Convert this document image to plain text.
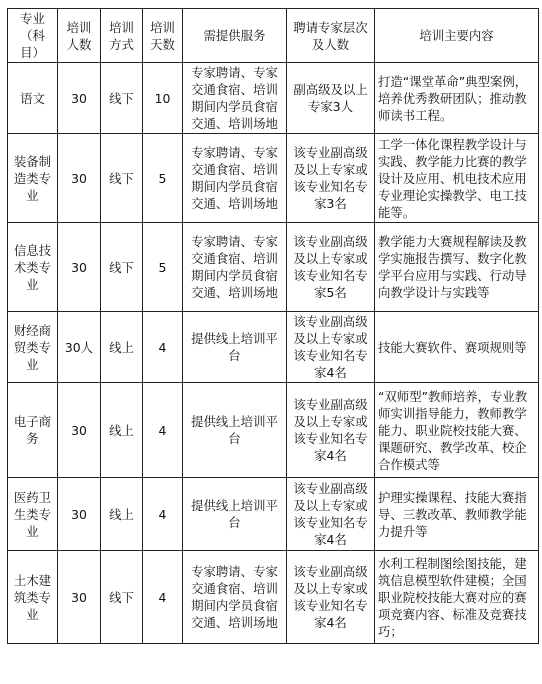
专业（科目）	培训人数	培训方式	培训天数	需提供服务	聘请专家层次及人数	培训主要内容
语文	30	线下	10	专家聘请、专家交通食宿、培训期间内学员食宿交通、培训场地	副高级及以上专家3人	打造“课堂革命”典型案例，培养优秀教研团队；推动教师读书工程。
装备制造类专业	30	线下	5	专家聘请、专家交通食宿、培训期间内学员食宿交通、培训场地	该专业副高级及以上专家或该专业知名专家3名	工学一体化课程教学设计与实践、教学能力比赛的教学设计及应用、机电技术应用专业理论实操教学、电工技能等。
信息技术类专业	30	线下	5	专家聘请、专家交通食宿、培训期间内学员食宿交通、培训场地	该专业副高级及以上专家或该专业知名专家5名	教学能力大赛规程解读及教学实施报告撰写、数字化教学平台应用与实践、行动导向教学设计与实践等
财经商贸类专业	30人	线上	4	提供线上培训平台	该专业副高级及以上专家或该专业知名专家4名	技能大赛软件、赛项规则等
电子商务	30	线上	4	提供线上培训平台	该专业副高级及以上专家或该专业知名专家4名	“双师型”教师培养，专业教师实训指导能力，教师教学能力、职业院校技能大赛、课题研究、教学改革、校企合作模式等
医药卫生类专业	30	线上	4	提供线上培训平台	该专业副高级及以上专家或该专业知名专家4名	护理实操课程、技能大赛指导、三教改革、教师教学能力提升等
土木建筑类专业	30	线下	4	专家聘请、专家交通食宿、培训期间内学员食宿交通、培训场地	该专业副高级及以上专家或该专业知名专家4名	水利工程制图绘图技能，建筑信息模型软件建模；全国职业院校技能大赛对应的赛项竞赛内容、标准及竞赛技巧；
